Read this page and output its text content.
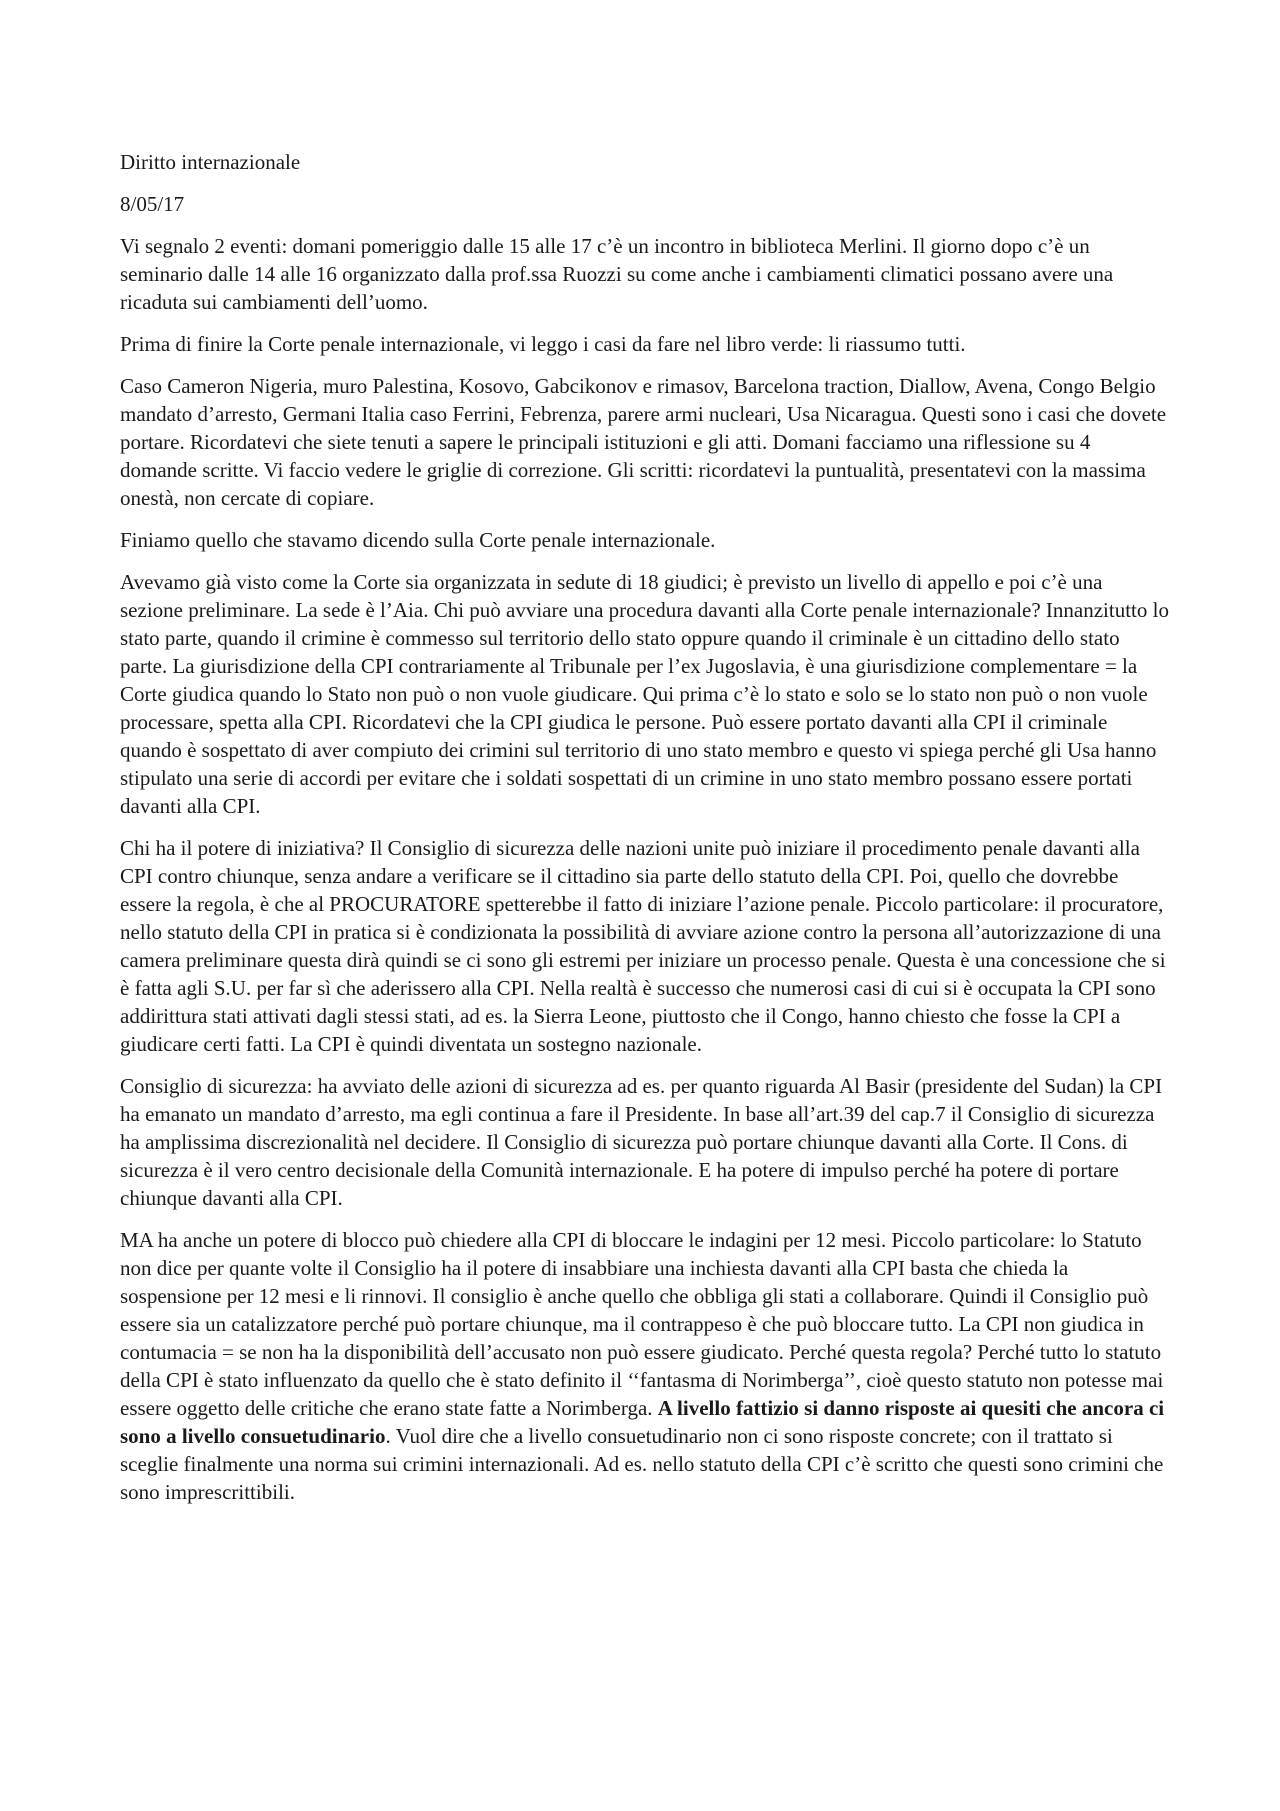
Diritto internazionale

8/05/17

Vi segnalo 2 eventi: domani pomeriggio dalle 15 alle 17 c’è un incontro in biblioteca Merlini. Il giorno dopo c’è un seminario dalle 14 alle 16 organizzato dalla prof.ssa Ruozzi su come anche i cambiamenti climatici possano avere una ricaduta sui cambiamenti dell’uomo.

Prima di finire la Corte penale internazionale, vi leggo i casi da fare nel libro verde: li riassumo tutti.

Caso Cameron Nigeria, muro Palestina, Kosovo, Gabcikonov e rimasov, Barcelona traction, Diallow, Avena, Congo Belgio mandato d’arresto, Germani Italia caso Ferrini, Febrenza, parere armi nucleari, Usa Nicaragua. Questi sono i casi che dovete portare. Ricordatevi che siete tenuti a sapere le principali istituzioni e gli atti. Domani facciamo una riflessione su 4 domande scritte. Vi faccio vedere le griglie di correzione. Gli scritti: ricordatevi la puntualità, presentatevi con la massima onestà, non cercate di copiare.

Finiamo quello che stavamo dicendo sulla Corte penale internazionale.

Avevamo già visto come la Corte sia organizzata in sedute di 18 giudici; è previsto un livello di appello e poi c’è una sezione preliminare. La sede è l’Aia. Chi può avviare una procedura davanti alla Corte penale internazionale? Innanzitutto lo stato parte, quando il crimine è commesso sul territorio dello stato oppure quando il criminale è un cittadino dello stato parte. La giurisdizione della CPI contrariamente al Tribunale per l’ex Jugoslavia, è una giurisdizione complementare = la Corte giudica quando lo Stato non può o non vuole giudicare. Qui prima c’è lo stato e solo se lo stato non può o non vuole processare, spetta alla CPI. Ricordatevi che la CPI giudica le persone. Può essere portato davanti alla CPI il criminale quando è sospettato di aver compiuto dei crimini sul territorio di uno stato membro e questo vi spiega perché gli Usa hanno stipulato una serie di accordi per evitare che i soldati sospettati di un crimine in uno stato membro possano essere portati davanti alla CPI.

Chi ha il potere di iniziativa? Il Consiglio di sicurezza delle nazioni unite può iniziare il procedimento penale davanti alla CPI contro chiunque, senza andare a verificare se il cittadino sia parte dello statuto della CPI. Poi, quello che dovrebbe essere la regola, è che al PROCURATORE spetterebbe il fatto di iniziare l’azione penale. Piccolo particolare: il procuratore, nello statuto della CPI in pratica si è condizionata la possibilità di avviare azione contro la persona all’autorizzazione di una camera preliminare questa dirà quindi se ci sono gli estremi per iniziare un processo penale. Questa è una concessione che si è fatta agli S.U. per far sì che aderissero alla CPI. Nella realtà è successo che numerosi casi di cui si è occupata la CPI sono addirittura stati attivati dagli stessi stati, ad es. la Sierra Leone, piuttosto che il Congo, hanno chiesto che fosse la CPI a giudicare certi fatti. La CPI è quindi diventata un sostegno nazionale.

Consiglio di sicurezza: ha avviato delle azioni di sicurezza ad es. per quanto riguarda Al Basir (presidente del Sudan) la CPI ha emanato un mandato d’arresto, ma egli continua a fare il Presidente. In base all’art.39 del cap.7 il Consiglio di sicurezza ha amplissima discrezionalità nel decidere. Il Consiglio di sicurezza può portare chiunque davanti alla Corte. Il Cons. di sicurezza è il vero centro decisionale della Comunità internazionale. E ha potere di impulso perché ha potere di portare chiunque davanti alla CPI.

MA ha anche un potere di blocco può chiedere alla CPI di bloccare le indagini per 12 mesi. Piccolo particolare: lo Statuto non dice per quante volte il Consiglio ha il potere di insabbiare una inchiesta davanti alla CPI basta che chieda la sospensione per 12 mesi e li rinnovi. Il consiglio è anche quello che obbliga gli stati a collaborare. Quindi il Consiglio può essere sia un catalizzatore perché può portare chiunque, ma il contrappeso è che può bloccare tutto. La CPI non giudica in contumacia = se non ha la disponibilità dell’accusato non può essere giudicato. Perché questa regola? Perché tutto lo statuto della CPI è stato influenzato da quello che è stato definito il ‘‘fantasma di Norimberga’’, cioè questo statuto non potesse mai essere oggetto delle critiche che erano state fatte a Norimberga. A livello fattizio si danno risposte ai quesiti che ancora ci sono a livello consuetudinario. Vuol dire che a livello consuetudinario non ci sono risposte concrete; con il trattato si sceglie finalmente una norma sui crimini internazionali. Ad es. nello statuto della CPI c’è scritto che questi sono crimini che sono imprescrittibili.
